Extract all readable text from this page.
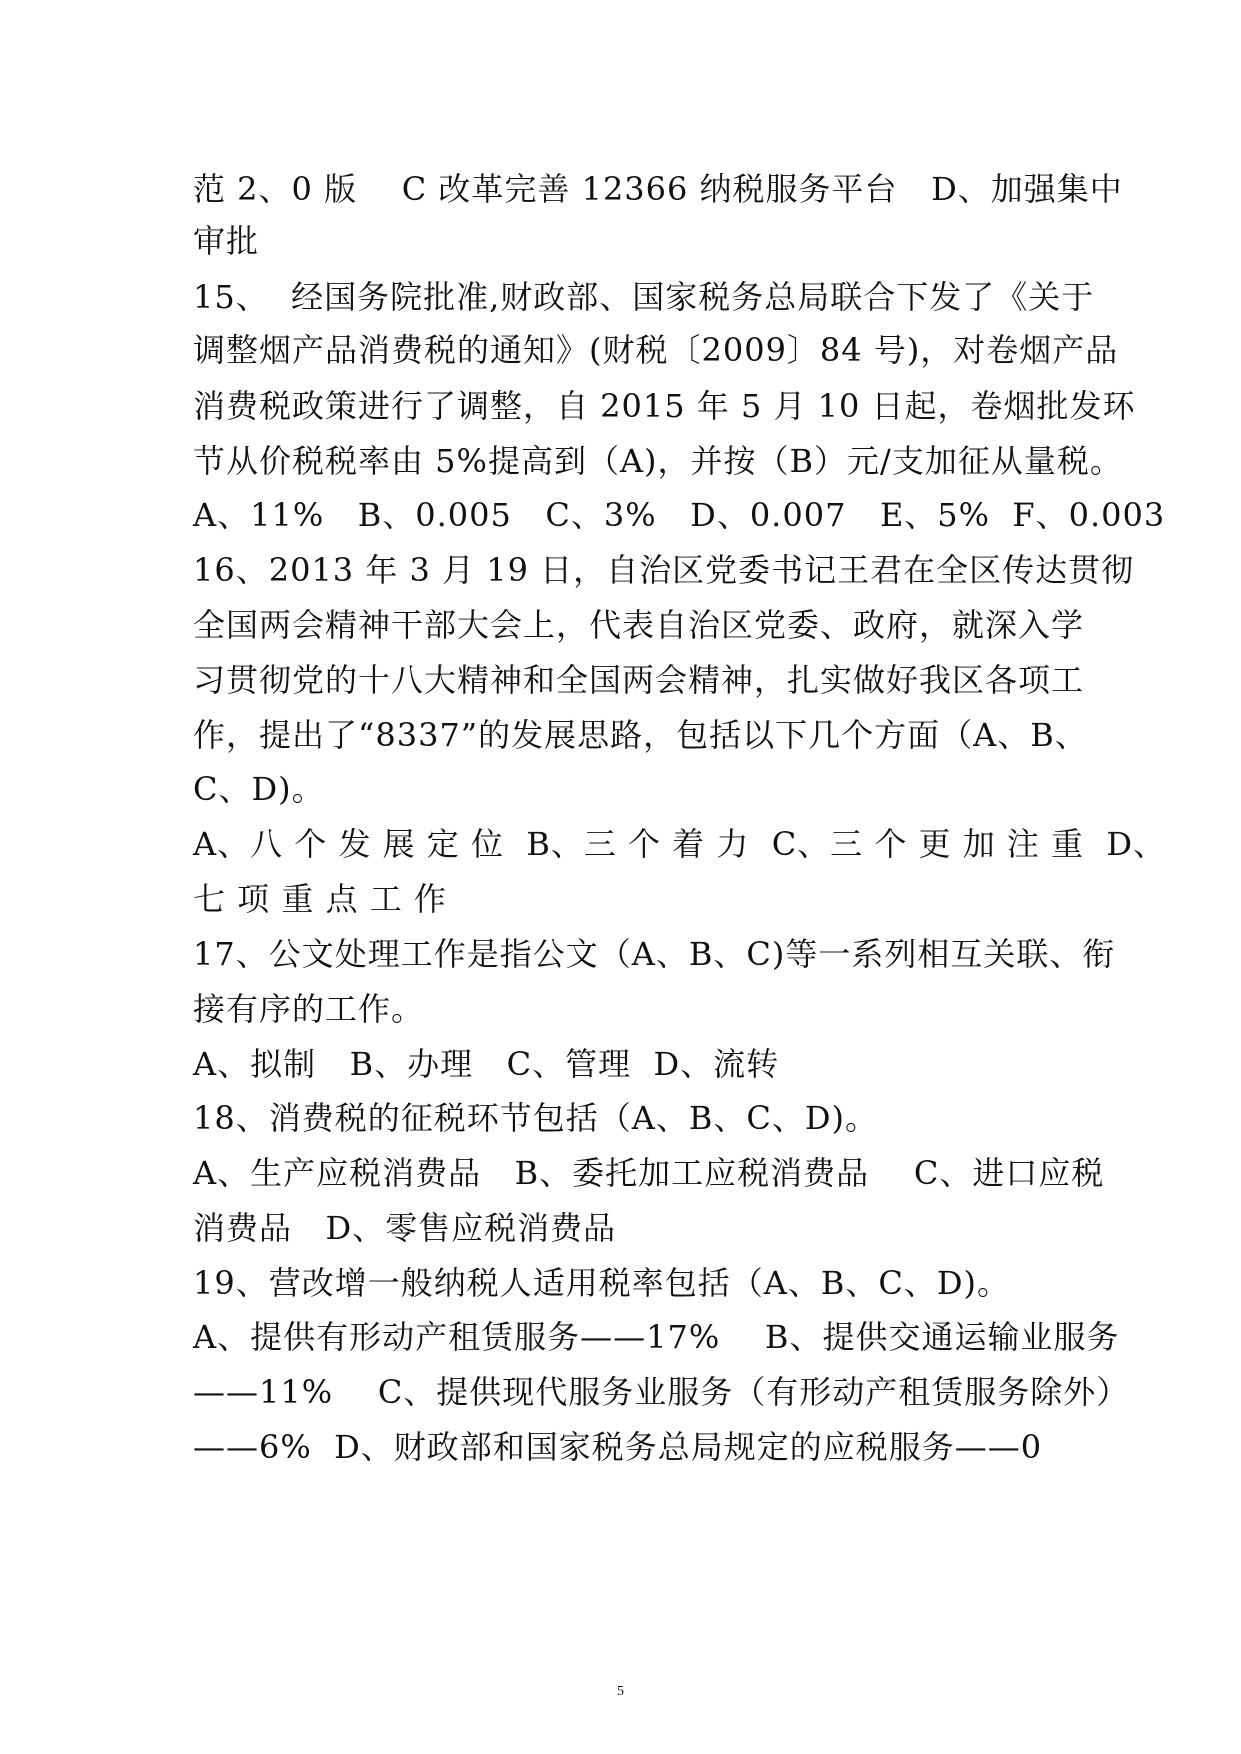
范 2、0 版    C 改革完善 12366 纳税服务平台   D、加强集中
审批
15、  经国务院批准,财政部、国家税务总局联合下发了《关于
调整烟产品消费税的通知》(财税〔2009〕84 号)，对卷烟产品
消费税政策进行了调整，自 2015 年 5 月 10 日起，卷烟批发环
节从价税税率由 5%提高到（A)，并按（B）元/支加征从量税。
A、11%   B、0.005   C、3%   D、0.007   E、5%  F、0.003
16、2013 年 3 月 19 日，自治区党委书记王君在全区传达贯彻
全国两会精神干部大会上，代表自治区党委、政府，就深入学
习贯彻党的十八大精神和全国两会精神，扎实做好我区各项工
作，提出了“8337”的发展思路，包括以下几个方面（A、B、
C、D)。
A、八 个 发 展 定 位  B、三 个 着 力  C、三 个 更 加 注 重  D、
七 项 重 点 工 作
17、公文处理工作是指公文（A、B、C)等一系列相互关联、衔
接有序的工作。
A、拟制   B、办理   C、管理  D、流转
18、消费税的征税环节包括（A、B、C、D)。
A、生产应税消费品   B、委托加工应税消费品    C、进口应税
消费品   D、零售应税消费品
19、营改增一般纳税人适用税率包括（A、B、C、D)。
A、提供有形动产租赁服务——17%    B、提供交通运输业服务
——11%    C、提供现代服务业服务（有形动产租赁服务除外）
——6%  D、财政部和国家税务总局规定的应税服务——0
5
